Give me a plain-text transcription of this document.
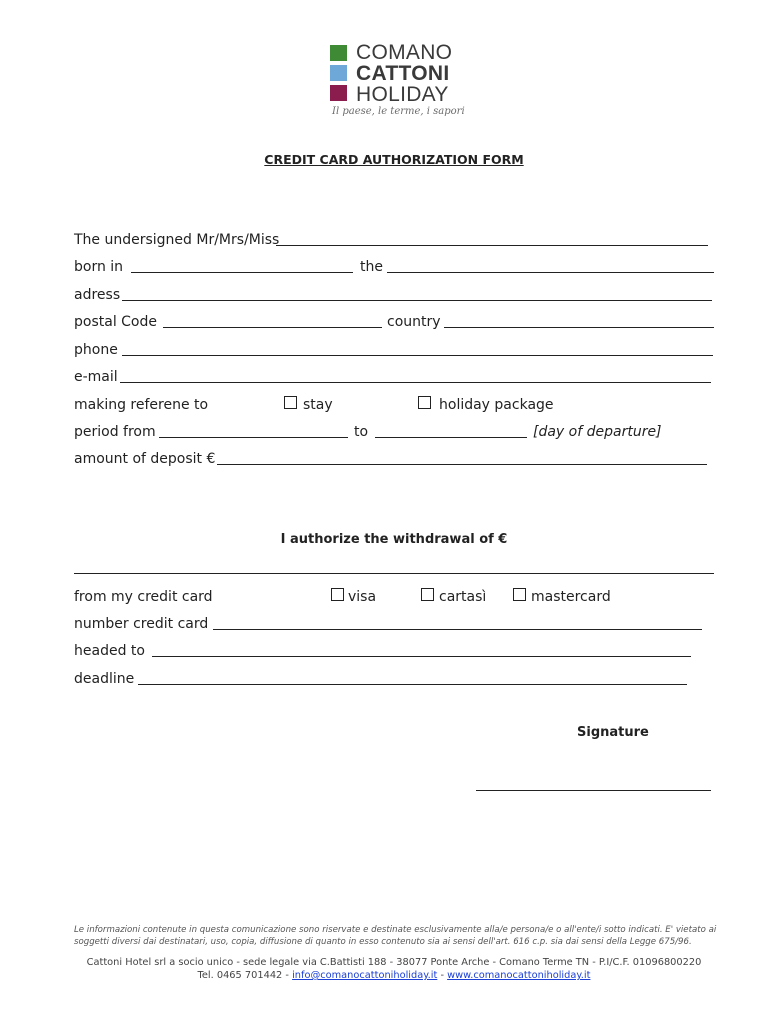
COMANO
CATTONI
HOLIDAY
Il paese, le terme, i sapori
CREDIT CARD AUTHORIZATION FORM
The undersigned Mr/Mrs/Miss
born in	the
adress
postal Code	country
phone
e-mail
making referene to	stay	holiday package
period from	to	[day of departure]
amount of deposit €
I authorize the withdrawal of €
from my credit card	visa	cartasì	mastercard
number credit card
headed to
deadline
Signature
Le informazioni contenute in questa comunicazione sono riservate e destinate esclusivamente alla/e persona/e o all'ente/i sotto indicati. E' vietato ai soggetti diversi dai destinatari, uso, copia, diffusione di quanto in esso contenuto sia ai sensi dell'art. 616 c.p. sia dai sensi della Legge 675/96.
Cattoni Hotel srl a socio unico - sede legale via C.Battisti 188 - 38077 Ponte Arche - Comano Terme TN - P.I/C.F. 01096800220
Tel. 0465 701442 - info@comanocattoniholiday.it - www.comanocattoniholiday.it
